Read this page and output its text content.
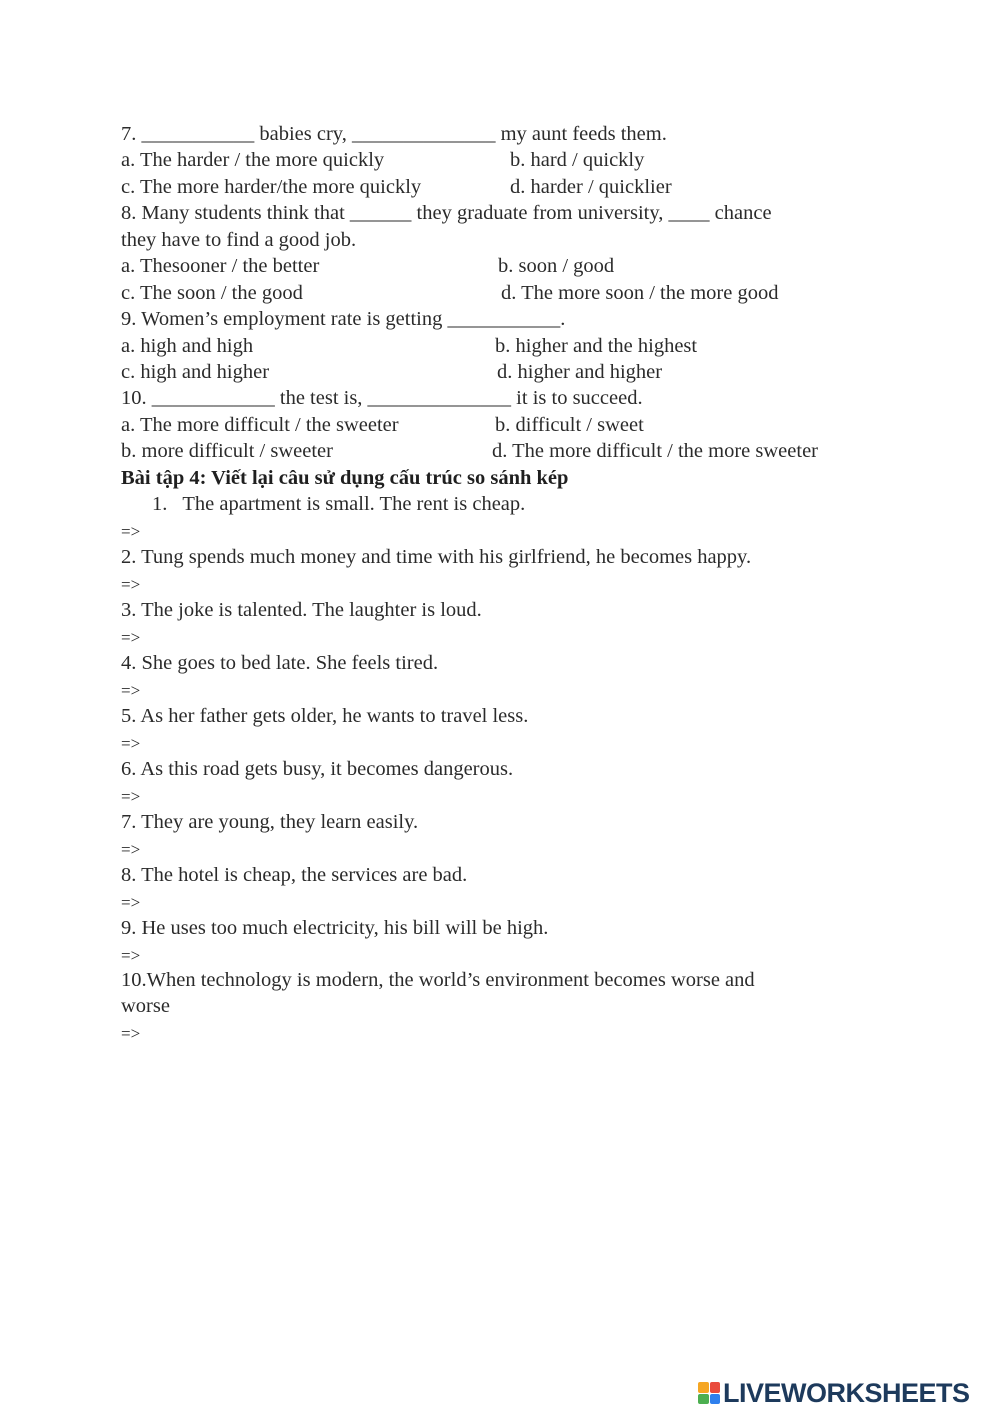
7. ___________ babies cry, ______________ my aunt feeds them.
a. The harder / the more quickly	b. hard / quickly
c. The more harder/the more quickly	d. harder / quicklier
8. Many students think that ______ they graduate from university, ____ chance
they have to find a good job.
a. Thesooner / the better	b. soon / good
c. The soon / the good	d. The more soon / the more good
9. Women’s employment rate is getting ___________.
a. high and high	b. higher and the highest
c. high and higher	d. higher and higher
10. ____________ the test is, ______________ it is to succeed.
a. The more difficult / the sweeter	b. difficult / sweet
b. more difficult / sweeter	d. The more difficult / the more sweeter
Bài tập 4: Viết lại câu sử dụng cấu trúc so sánh kép
1.   The apartment is small. The rent is cheap.
=>
2. Tung spends much money and time with his girlfriend, he becomes happy.
=>
3. The joke is talented. The laughter is loud.
=>
4. She goes to bed late. She feels tired.
=>
5. As her father gets older, he wants to travel less.
=>
6. As this road gets busy, it becomes dangerous.
=>
7. They are young, they learn easily.
=>
8. The hotel is cheap, the services are bad.
=>
9. He uses too much electricity, his bill will be high.
=>
10.When technology is modern, the world’s environment becomes worse and
worse
=>
LIVEWORKSHEETS
